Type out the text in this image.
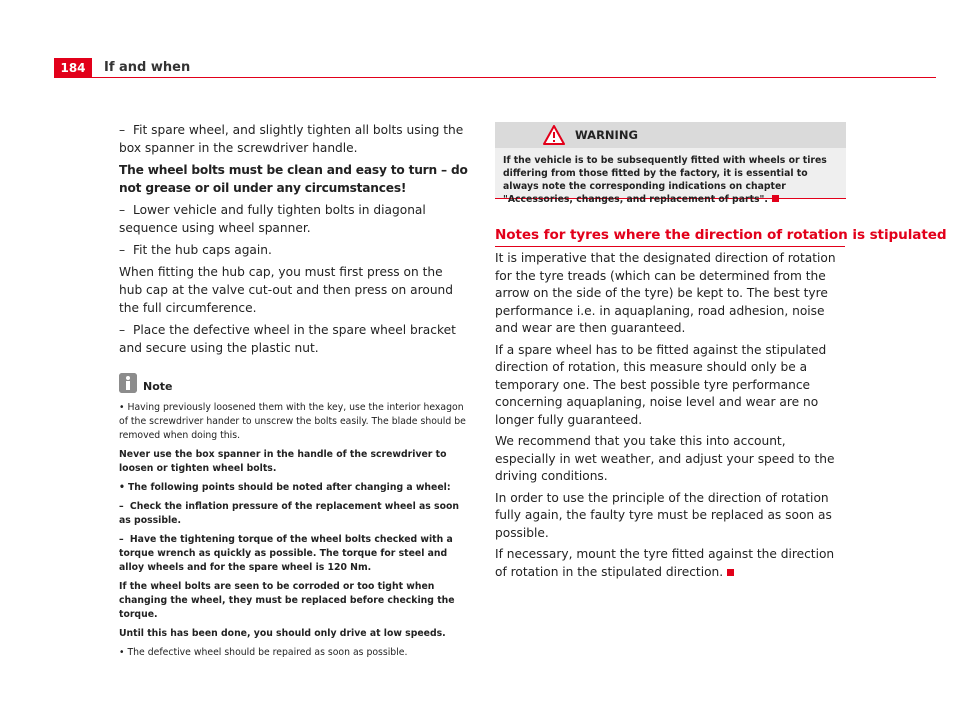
184	If and when

– Fit spare wheel, and slightly tighten all bolts using the box spanner in the screwdriver handle.

The wheel bolts must be clean and easy to turn – do not grease or oil under any circumstances!

– Lower vehicle and fully tighten bolts in diagonal sequence using wheel spanner.

– Fit the hub caps again.

When fitting the hub cap, you must first press on the hub cap at the valve cut-out and then press on around the full circumference.

– Place the defective wheel in the spare wheel bracket and secure using the plastic nut.

Note

• Having previously loosened them with the key, use the interior hexagon of the screwdriver hander to unscrew the bolts easily. The blade should be removed when doing this.

Never use the box spanner in the handle of the screwdriver to loosen or tighten wheel bolts.

• The following points should be noted after changing a wheel:

– Check the inflation pressure of the replacement wheel as soon as possible.

– Have the tightening torque of the wheel bolts checked with a torque wrench as quickly as possible. The torque for steel and alloy wheels and for the spare wheel is 120 Nm.

If the wheel bolts are seen to be corroded or too tight when changing the wheel, they must be replaced before checking the torque.

Until this has been done, you should only drive at low speeds.

• The defective wheel should be repaired as soon as possible.

WARNING
If the vehicle is to be subsequently fitted with wheels or tires differing from those fitted by the factory, it is essential to always note the corresponding indications on chapter "Accessories, changes, and replacement of parts".
Notes for tyres where the direction of rotation is stipulated

It is imperative that the designated direction of rotation for the tyre treads (which can be determined from the arrow on the side of the tyre) be kept to. The best tyre performance i.e. in aquaplaning, road adhesion, noise and wear are then guaranteed.

If a spare wheel has to be fitted against the stipulated direction of rotation, this measure should only be a temporary one. The best possible tyre performance concerning aquaplaning, noise level and wear are no longer fully guaranteed.

We recommend that you take this into account, especially in wet weather, and adjust your speed to the driving conditions.

In order to use the principle of the direction of rotation fully again, the faulty tyre must be replaced as soon as possible.

If necessary, mount the tyre fitted against the direction of rotation in the stipulated direction.
